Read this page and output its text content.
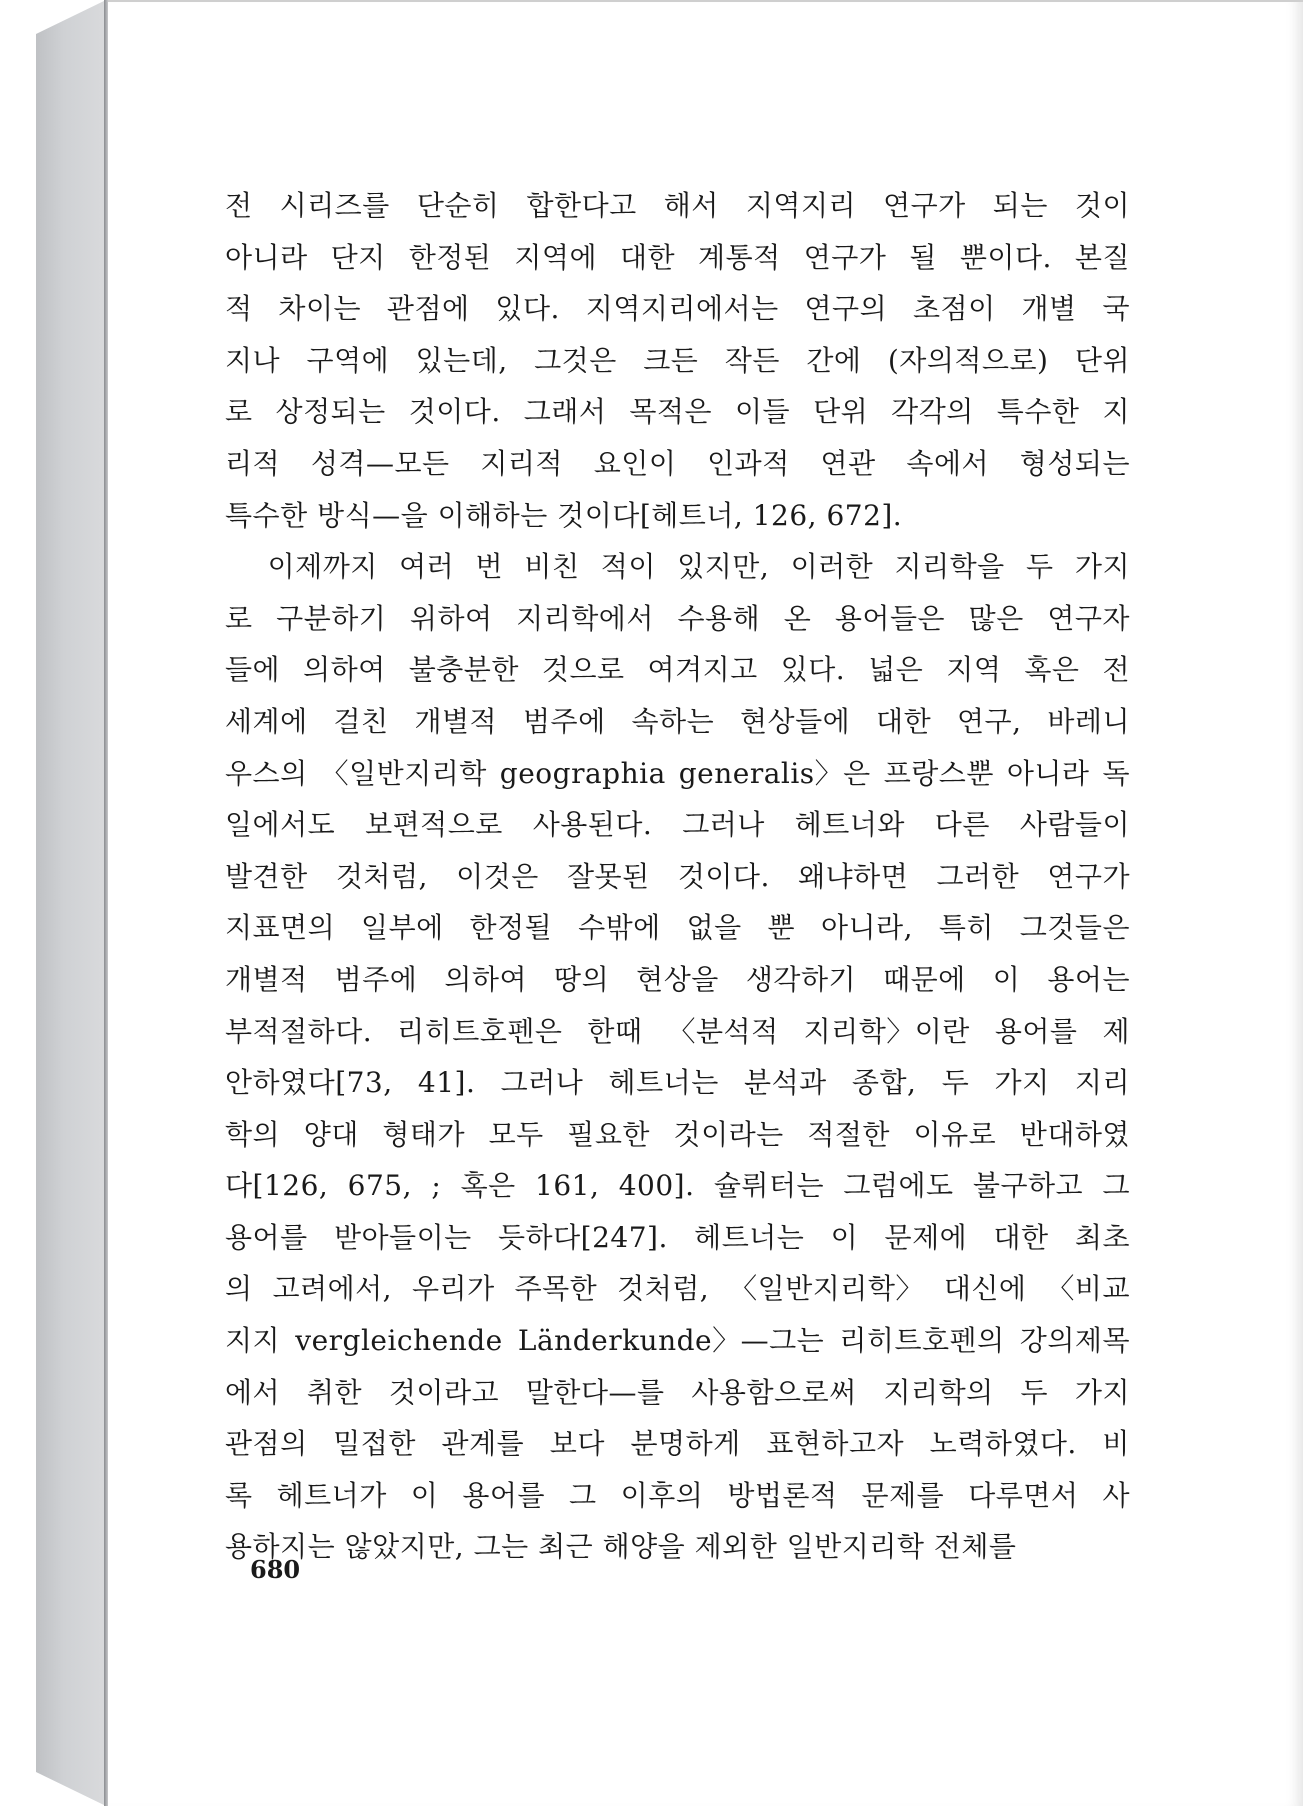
전 시리즈를 단순히 합한다고 해서 지역지리 연구가 되는 것이
아니라 단지 한정된 지역에 대한 계통적 연구가 될 뿐이다. 본질
적 차이는 관점에 있다. 지역지리에서는 연구의 초점이 개별 국
지나 구역에 있는데, 그것은 크든 작든 간에 (자의적으로) 단위
로 상정되는 것이다. 그래서 목적은 이들 단위 각각의 특수한 지
리적 성격—모든 지리적 요인이 인과적 연관 속에서 형성되는
특수한 방식—을 이해하는 것이다[헤트너, 126, 672].
이제까지 여러 번 비친 적이 있지만, 이러한 지리학을 두 가지
로 구분하기 위하여 지리학에서 수용해 온 용어들은 많은 연구자
들에 의하여 불충분한 것으로 여겨지고 있다. 넓은 지역 혹은 전
세계에 걸친 개별적 범주에 속하는 현상들에 대한 연구, 바레니
우스의 〈일반지리학 geographia generalis〉은 프랑스뿐 아니라 독
일에서도 보편적으로 사용된다. 그러나 헤트너와 다른 사람들이
발견한 것처럼, 이것은 잘못된 것이다. 왜냐하면 그러한 연구가
지표면의 일부에 한정될 수밖에 없을 뿐 아니라, 특히 그것들은
개별적 범주에 의하여 땅의 현상을 생각하기 때문에 이 용어는
부적절하다. 리히트호펜은 한때 〈분석적 지리학〉이란 용어를 제
안하였다[73, 41]. 그러나 헤트너는 분석과 종합, 두 가지 지리
학의 양대 형태가 모두 필요한 것이라는 적절한 이유로 반대하였
다[126, 675, ; 혹은 161, 400]. 슐뤼터는 그럼에도 불구하고 그
용어를 받아들이는 듯하다[247]. 헤트너는 이 문제에 대한 최초
의 고려에서, 우리가 주목한 것처럼, 〈일반지리학〉 대신에 〈비교
지지 vergleichende Länderkunde〉—그는 리히트호펜의 강의제목
에서 취한 것이라고 말한다—를 사용함으로써 지리학의 두 가지
관점의 밀접한 관계를 보다 분명하게 표현하고자 노력하였다. 비
록 헤트너가 이 용어를 그 이후의 방법론적 문제를 다루면서 사
용하지는 않았지만, 그는 최근 해양을 제외한 일반지리학 전체를
680
